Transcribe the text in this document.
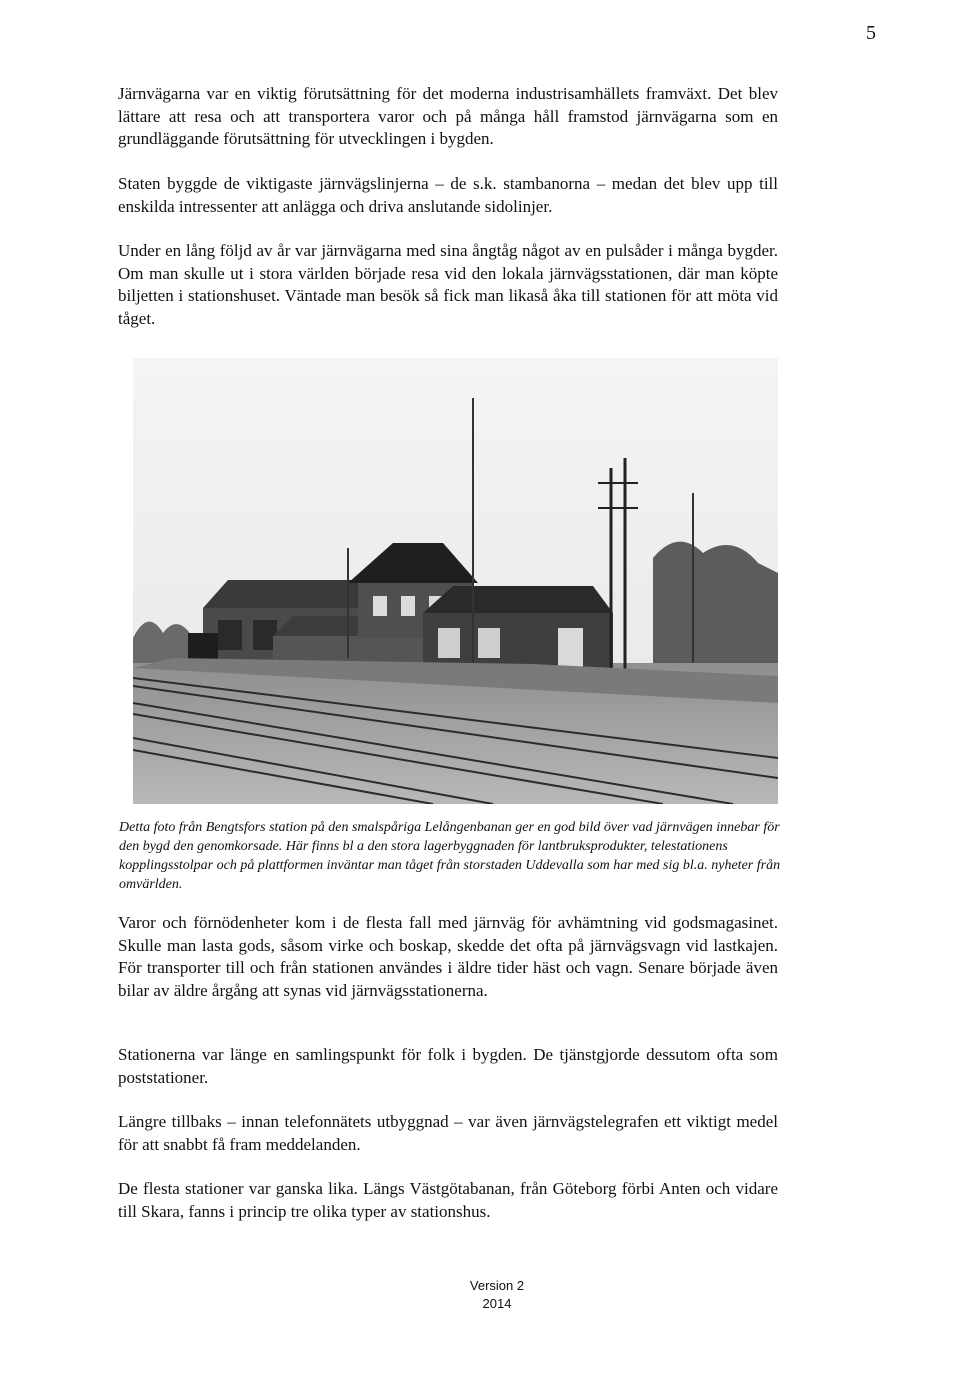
5

Järnvägarna var en viktig förutsättning för det moderna industrisamhällets framväxt. Det blev lättare att resa och att transportera varor och på många håll framstod järnvägarna som en grundläggande förutsättning för utvecklingen i bygden.

Staten byggde de viktigaste järnvägslinjerna – de s.k. stambanorna – medan det blev upp till enskilda intressenter att anlägga och driva anslutande sidolinjer.

Under en lång följd av år var järnvägarna med sina ångtåg något av en pulsåder i många bygder. Om man skulle ut i stora världen började resa vid den lokala järnvägsstationen, där man köpte biljetten i stationshuset. Väntade man besök så fick man likaså åka till stationen för att möta vid tåget.

Detta foto från Bengtsfors station på den smalspåriga Lelångenbanan ger en god bild över vad järnvägen innebar för den bygd den genomkorsade. Här finns bl a den stora lagerbyggnaden för lantbruksprodukter, telestationens kopplingsstolpar och på plattformen inväntar man tåget från storstaden Uddevalla som har med sig bl.a. nyheter från omvärlden.

Varor och förnödenheter kom i de flesta fall med järnväg för avhämtning vid godsmagasinet. Skulle man lasta gods, såsom virke och boskap, skedde det ofta på järnvägsvagn vid lastkajen. För transporter till och från stationen användes i äldre tider häst och vagn. Senare började även bilar av äldre årgång att synas vid järnvägsstationerna.

Stationerna var länge en samlingspunkt för folk i bygden. De tjänstgjorde dessutom ofta som poststationer.

Längre tillbaks – innan telefonnätets utbyggnad – var även järnvägstelegrafen ett viktigt medel för att snabbt få fram meddelanden.

De flesta stationer var ganska lika. Längs Västgötabanan, från Göteborg förbi Anten och vidare till Skara, fanns i princip tre olika typer av stationshus.

Version 2
2014
